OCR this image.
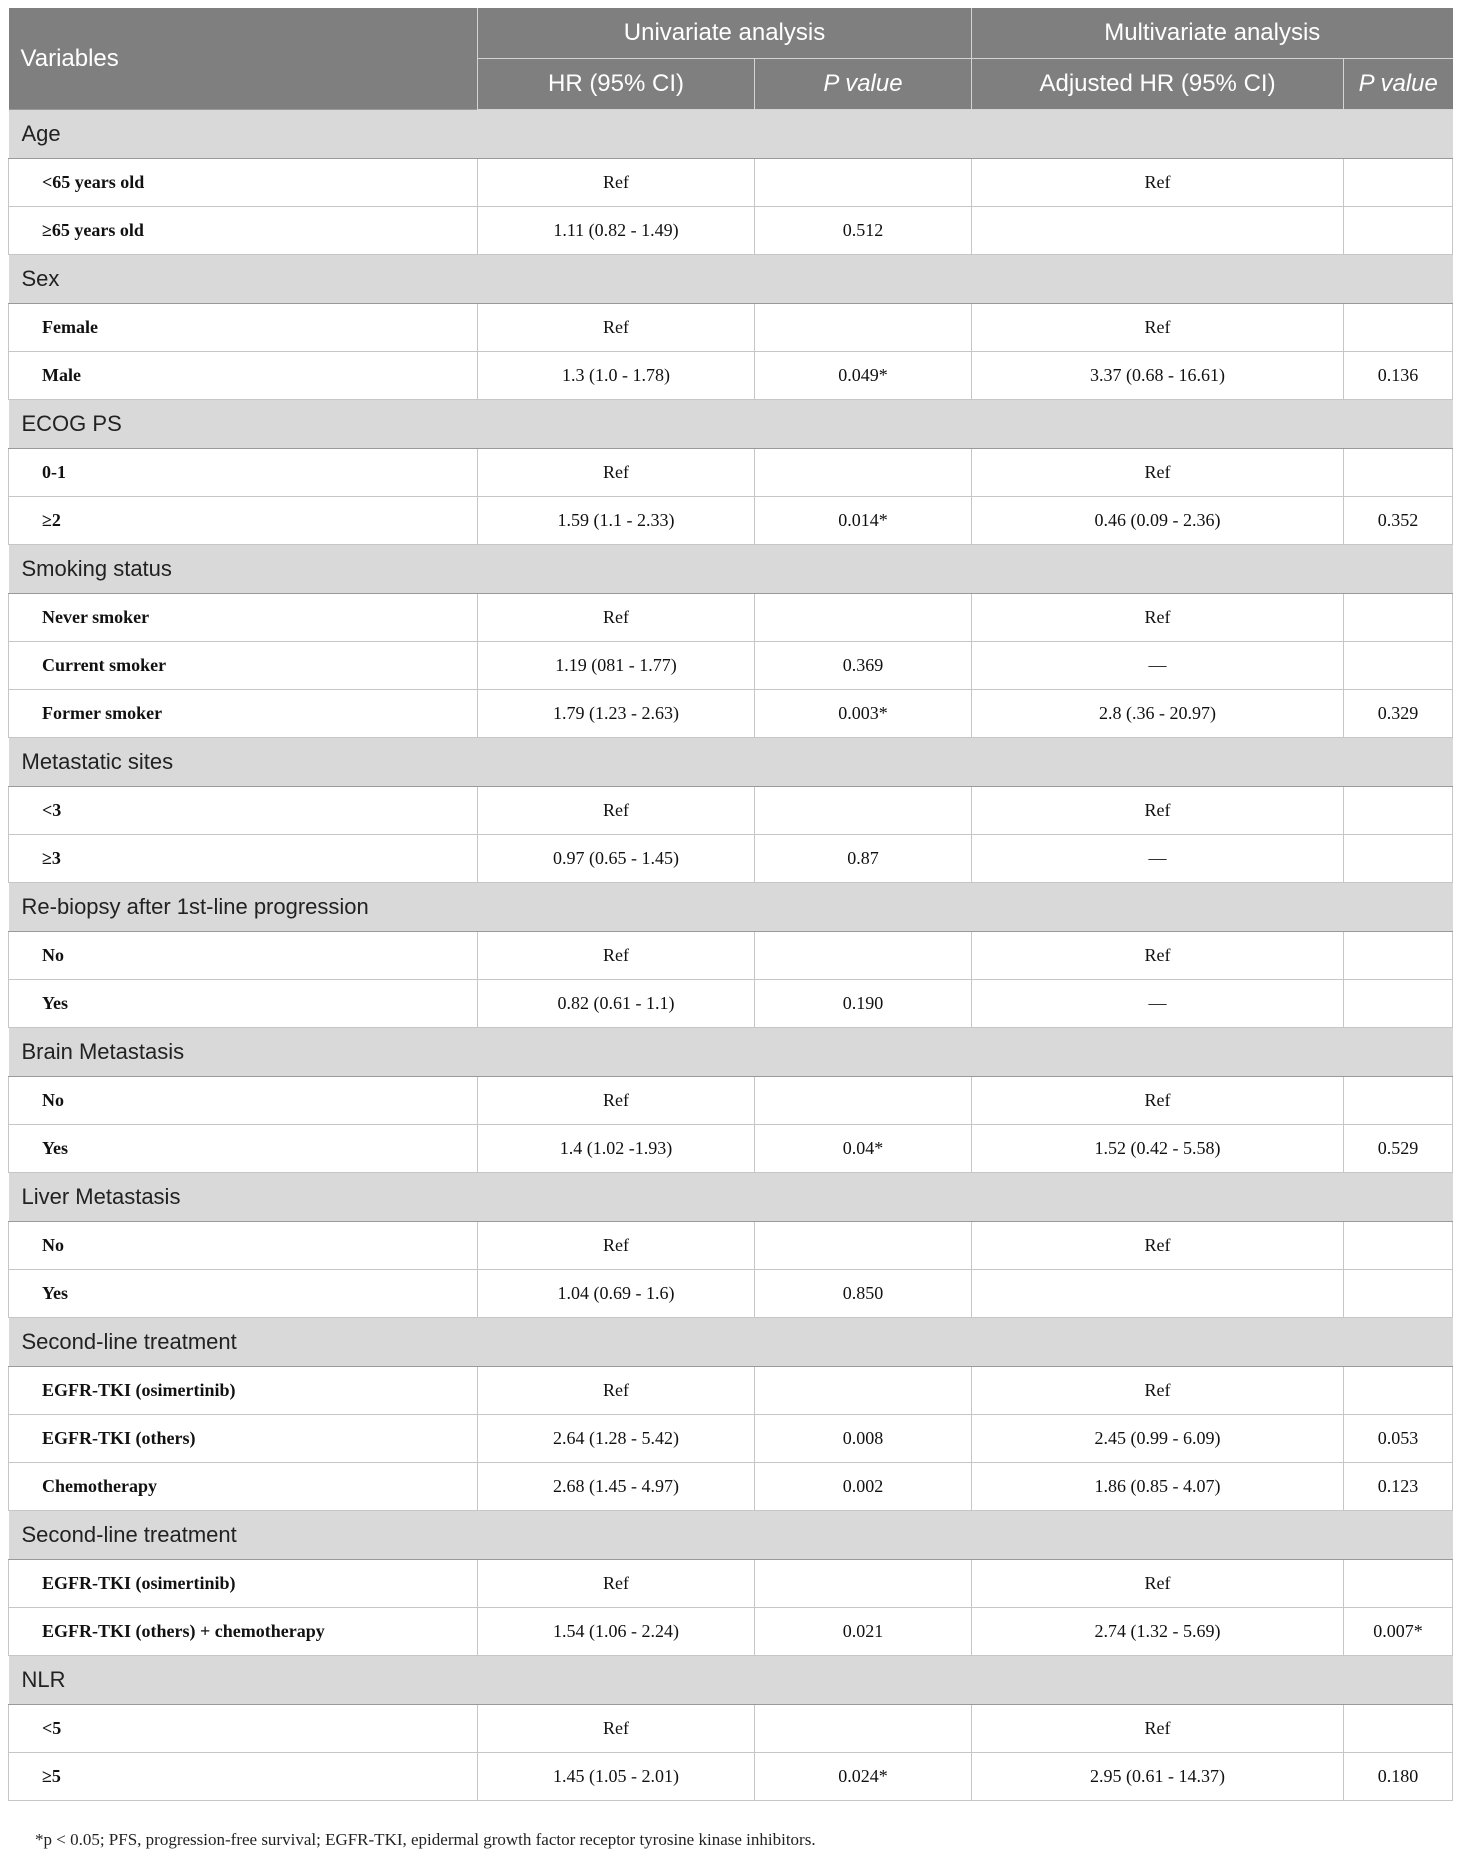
Variables	Univariate analysis		Multivariate analysis	
	HR (95% CI)	P value	Adjusted HR (95% CI)	P value
Age				
<65 years old	Ref		Ref	
≥65 years old	1.11 (0.82 - 1.49)	0.512		
Sex				
Female	Ref		Ref	
Male	1.3 (1.0 - 1.78)	0.049*	3.37 (0.68 - 16.61)	0.136
ECOG PS				
0-1	Ref		Ref	
≥2	1.59 (1.1 - 2.33)	0.014*	0.46 (0.09 - 2.36)	0.352
Smoking status				
Never smoker	Ref		Ref	
Current smoker	1.19 (081 - 1.77)	0.369	—	
Former smoker	1.79 (1.23 - 2.63)	0.003*	2.8 (.36 - 20.97)	0.329
Metastatic sites				
<3	Ref		Ref	
≥3	0.97 (0.65 - 1.45)	0.87	—	
Re-biopsy after 1st-line progression				
No	Ref		Ref	
Yes	0.82 (0.61 - 1.1)	0.190	—	
Brain Metastasis				
No	Ref		Ref	
Yes	1.4 (1.02 -1.93)	0.04*	1.52 (0.42 - 5.58)	0.529
Liver Metastasis				
No	Ref		Ref	
Yes	1.04 (0.69 - 1.6)	0.850		
Second-line treatment				
EGFR-TKI (osimertinib)	Ref		Ref	
EGFR-TKI (others)	2.64 (1.28 - 5.42)	0.008	2.45 (0.99 - 6.09)	0.053
Chemotherapy	2.68 (1.45 - 4.97)	0.002	1.86 (0.85 - 4.07)	0.123
Second-line treatment				
EGFR-TKI (osimertinib)	Ref		Ref	
EGFR-TKI (others) + chemotherapy	1.54 (1.06 - 2.24)	0.021	2.74 (1.32 - 5.69)	0.007*
NLR				
<5	Ref		Ref	
≥5	1.45 (1.05 - 2.01)	0.024*	2.95 (0.61 - 14.37)	0.180
*p < 0.05; PFS, progression-free survival; EGFR-TKI, epidermal growth factor receptor tyrosine kinase inhibitors.
